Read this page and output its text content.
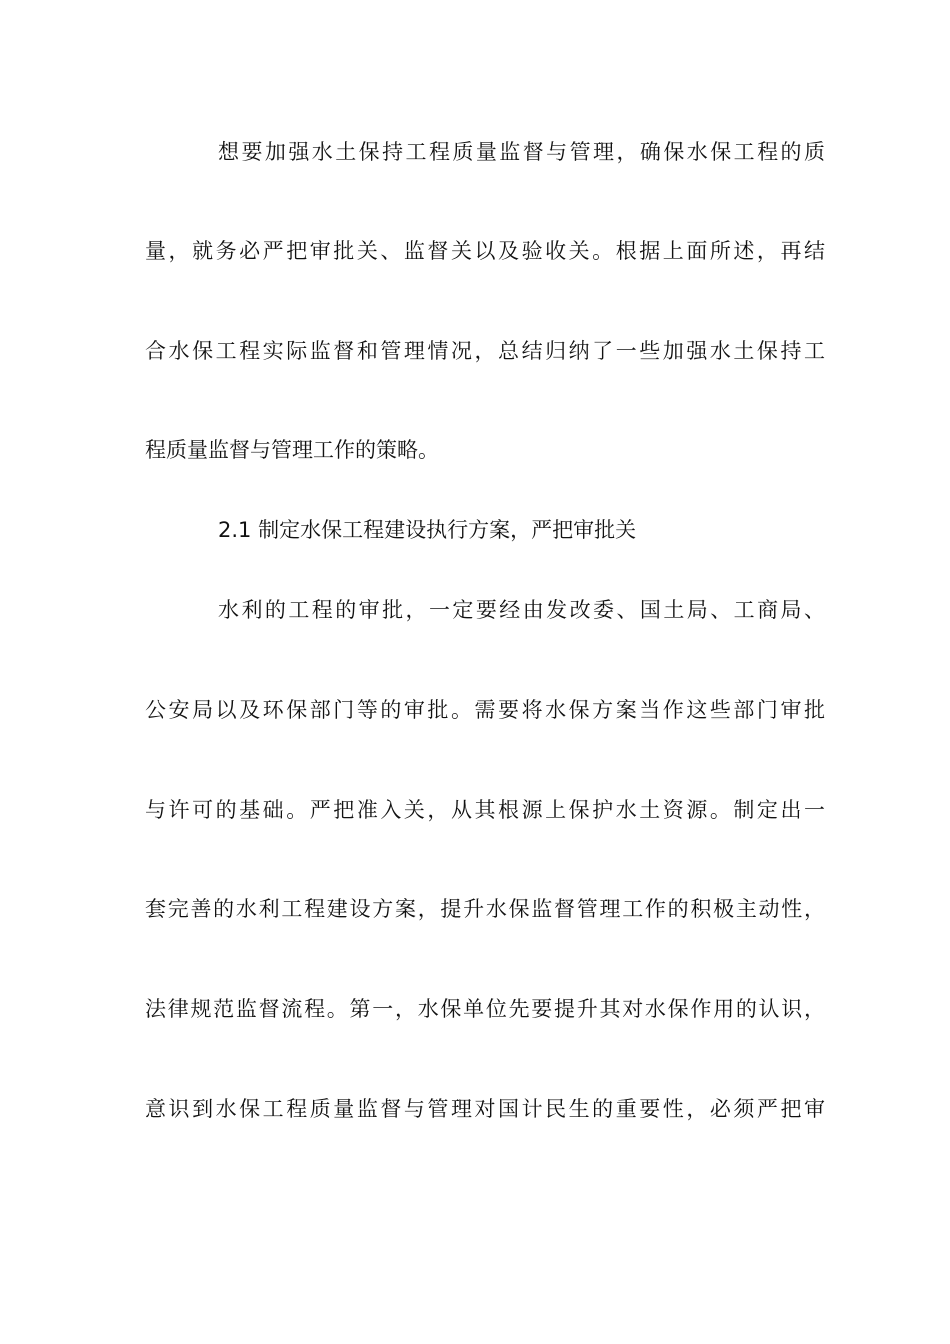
想要加强水土保持工程质量监督与管理，确保水保工程的质
量，就务必严把审批关、监督关以及验收关。根据上面所述，再结
合水保工程实际监督和管理情况，总结归纳了一些加强水土保持工
程质量监督与管理工作的策略。
2.1 制定水保工程建设执行方案，严把审批关
水利的工程的审批，一定要经由发改委、国土局、工商局、
公安局以及环保部门等的审批。需要将水保方案当作这些部门审批
与许可的基础。严把准入关，从其根源上保护水土资源。制定出一
套完善的水利工程建设方案，提升水保监督管理工作的积极主动性，
法律规范监督流程。第一，水保单位先要提升其对水保作用的认识，
意识到水保工程质量监督与管理对国计民生的重要性，必须严把审
